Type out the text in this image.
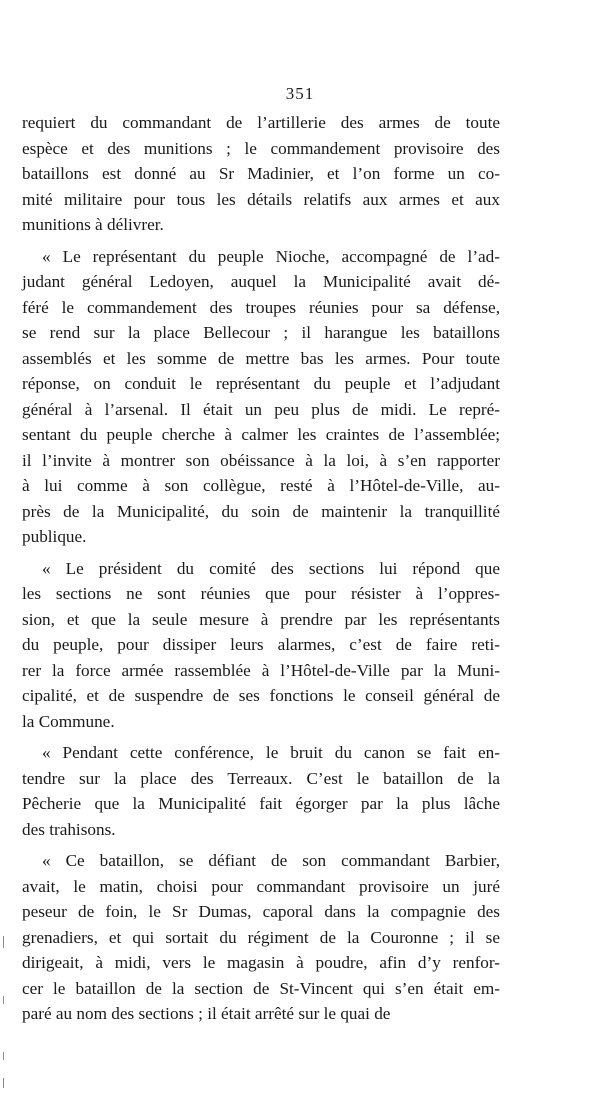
351
requiert du commandant de l’artillerie des armes de toute
espèce et des munitions ; le commandement provisoire des
bataillons est donné au Sr Madinier, et l’on forme un co-
mité militaire pour tous les détails relatifs aux armes et aux
munitions à délivrer.
« Le représentant du peuple Nioche, accompagné de l’ad-
judant général Ledoyen, auquel la Municipalité avait dé-
féré le commandement des troupes réunies pour sa défense,
se rend sur la place Bellecour ; il harangue les bataillons
assemblés et les somme de mettre bas les armes. Pour toute
réponse, on conduit le représentant du peuple et l’adjudant
général à l’arsenal. Il était un peu plus de midi. Le repré-
sentant du peuple cherche à calmer les craintes de l’assemblée;
il l’invite à montrer son obéissance à la loi, à s’en rapporter
à lui comme à son collègue, resté à l’Hôtel-de-Ville, au-
près de la Municipalité, du soin de maintenir la tranquillité
publique.
« Le président du comité des sections lui répond que
les sections ne sont réunies que pour résister à l’oppres-
sion, et que la seule mesure à prendre par les représentants
du peuple, pour dissiper leurs alarmes, c’est de faire reti-
rer la force armée rassemblée à l’Hôtel-de-Ville par la Muni-
cipalité, et de suspendre de ses fonctions le conseil général de
la Commune.
« Pendant cette conférence, le bruit du canon se fait en-
tendre sur la place des Terreaux. C’est le bataillon de la
Pêcherie que la Municipalité fait égorger par la plus lâche
des trahisons.
« Ce bataillon, se défiant de son commandant Barbier,
avait, le matin, choisi pour commandant provisoire un juré
peseur de foin, le Sr Dumas, caporal dans la compagnie des
grenadiers, et qui sortait du régiment de la Couronne ; il se
dirigeait, à midi, vers le magasin à poudre, afin d’y renfor-
cer le bataillon de la section de St-Vincent qui s’en était em-
paré au nom des sections ; il était arrêté sur le quai de
